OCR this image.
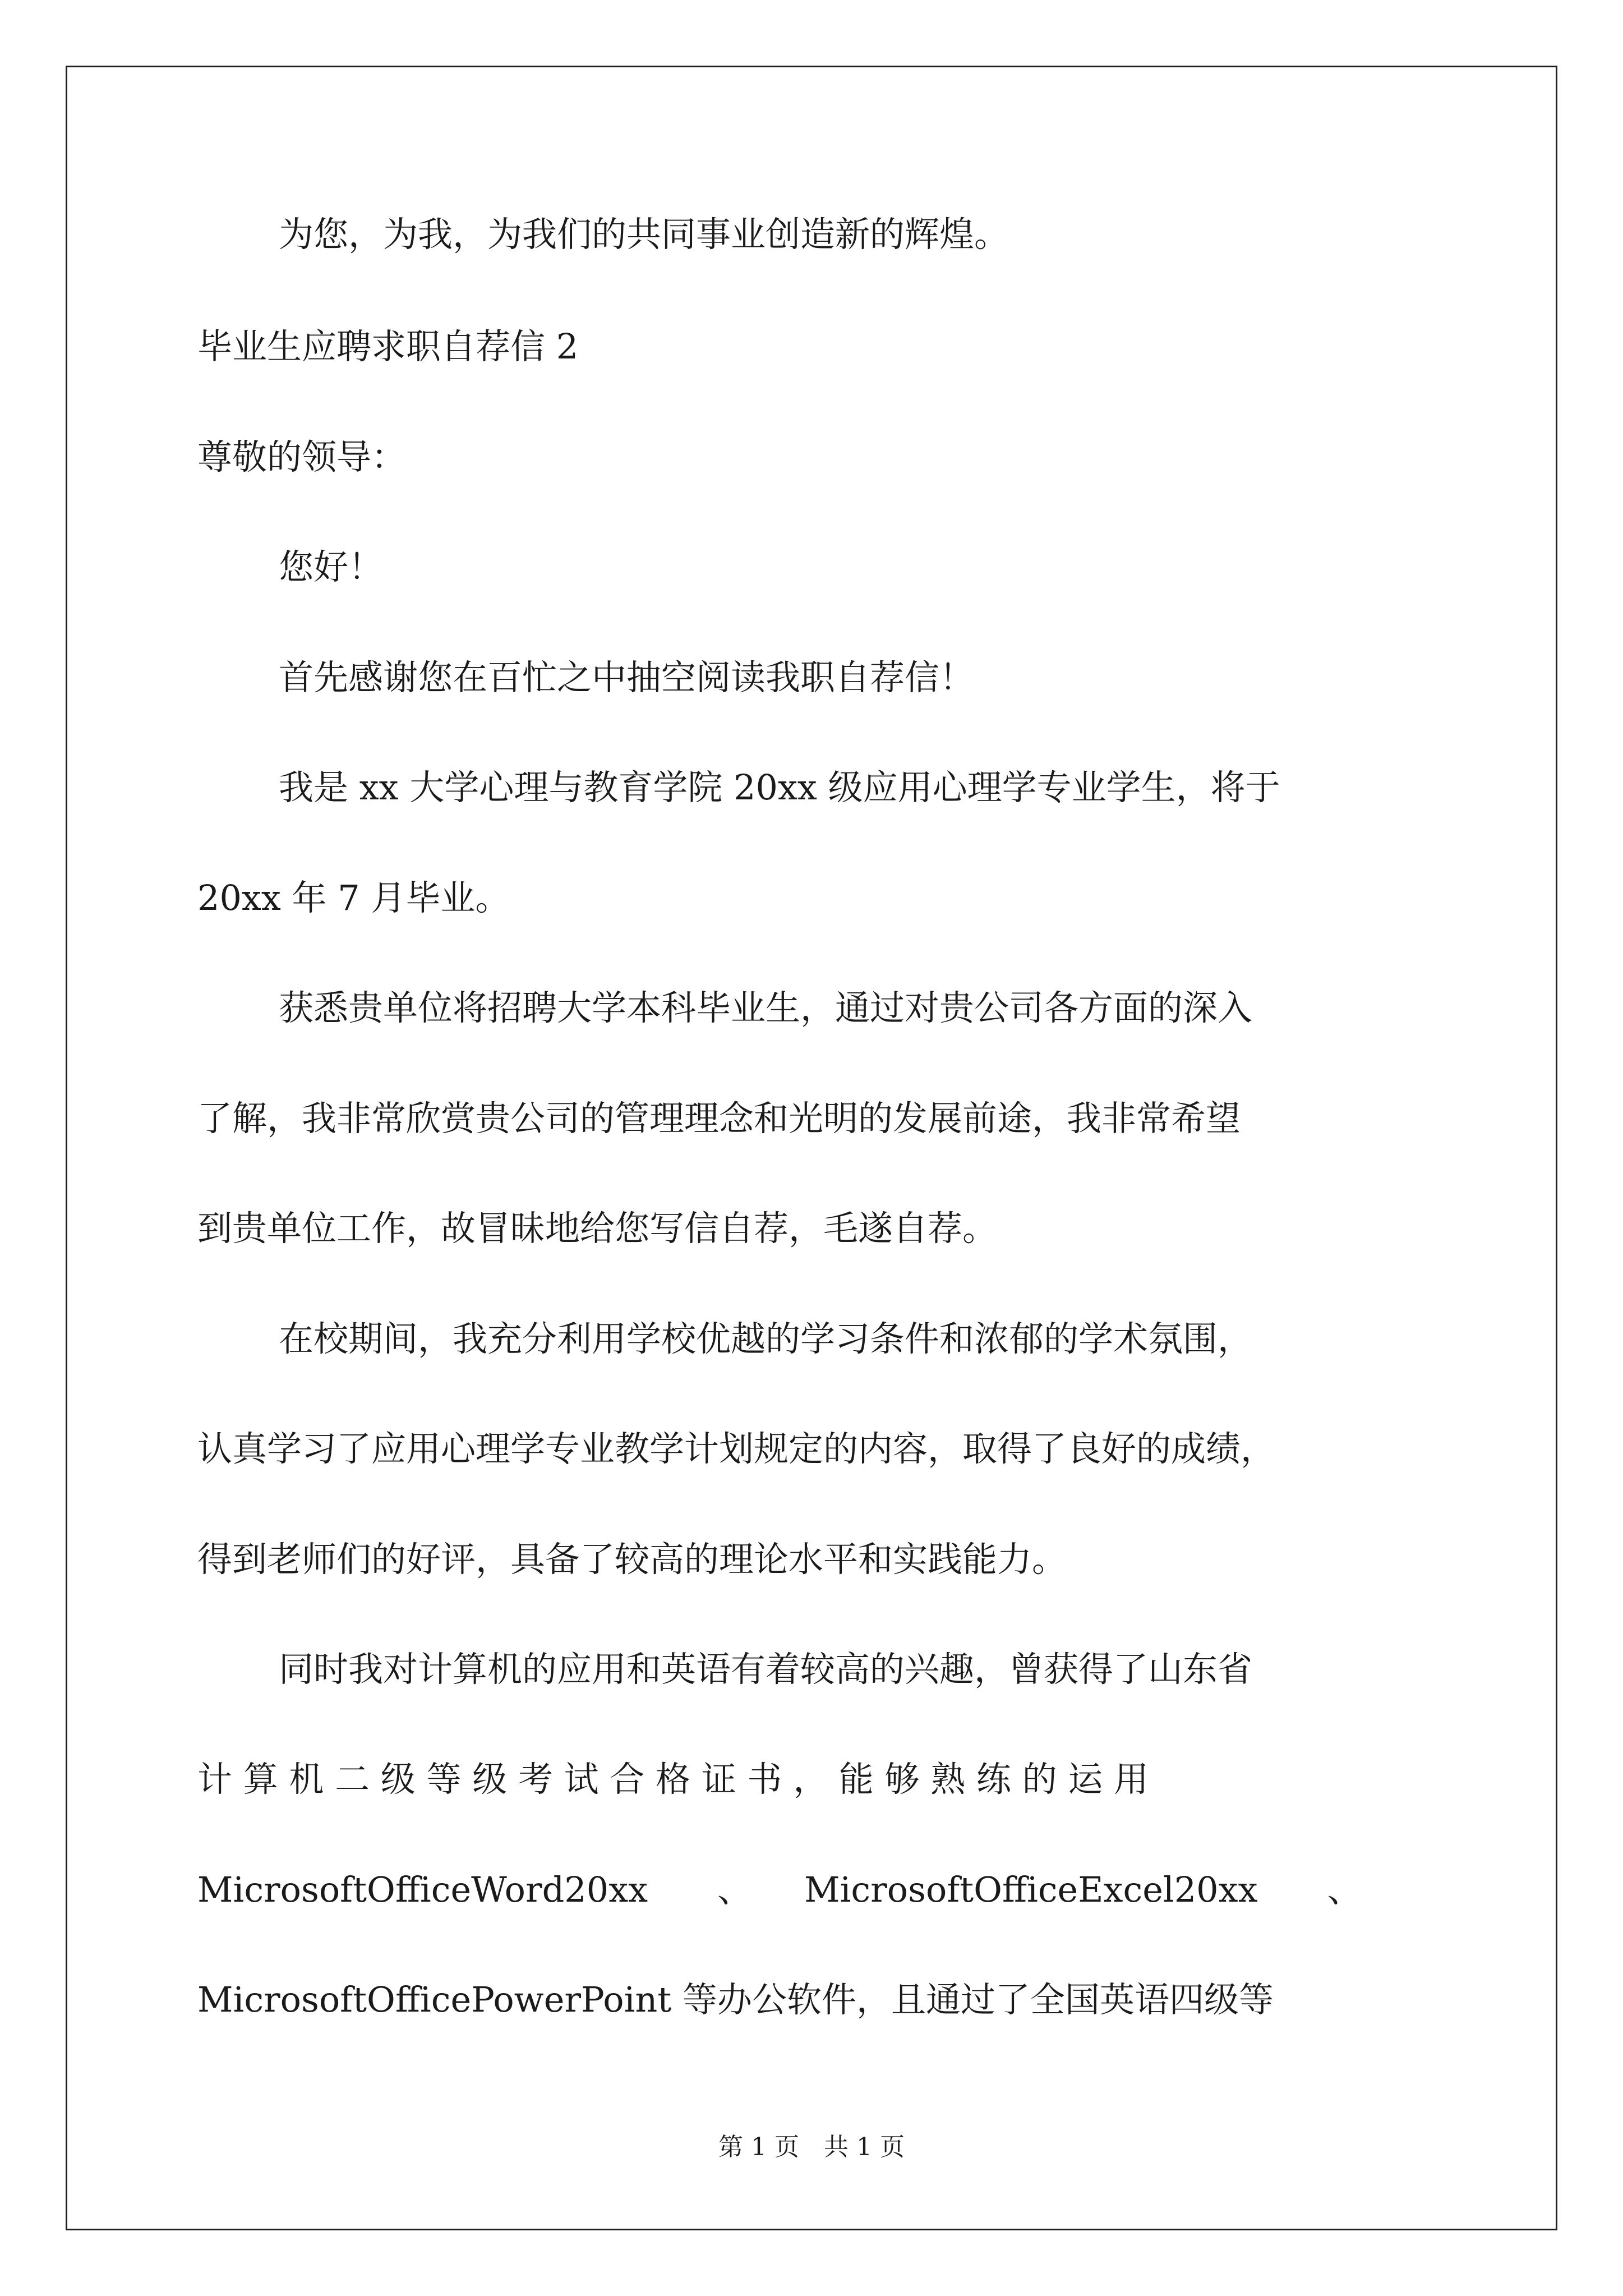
为您，为我，为我们的共同事业创造新的辉煌。
毕业生应聘求职自荐信 2
尊敬的领导：
您好！
首先感谢您在百忙之中抽空阅读我职自荐信！
我是 xx 大学心理与教育学院 20xx 级应用心理学专业学生，将于
20xx 年 7 月毕业。
获悉贵单位将招聘大学本科毕业生，通过对贵公司各方面的深入
了解，我非常欣赏贵公司的管理理念和光明的发展前途，我非常希望
到贵单位工作，故冒昧地给您写信自荐，毛遂自荐。
在校期间，我充分利用学校优越的学习条件和浓郁的学术氛围，
认真学习了应用心理学专业教学计划规定的内容，取得了良好的成绩，
得到老师们的好评，具备了较高的理论水平和实践能力。
同时我对计算机的应用和英语有着较高的兴趣，曾获得了山东省
计 算 机 二 级 等 级 考 试 合 格 证 书 ， 能 够 熟 练 的 运 用
MicrosoftOfficeWord20xx　　、　　MicrosoftOfficeExcel20xx　　、
MicrosoftOfficePowerPoint 等办公软件，且通过了全国英语四级等
第 1 页　共 1 页
